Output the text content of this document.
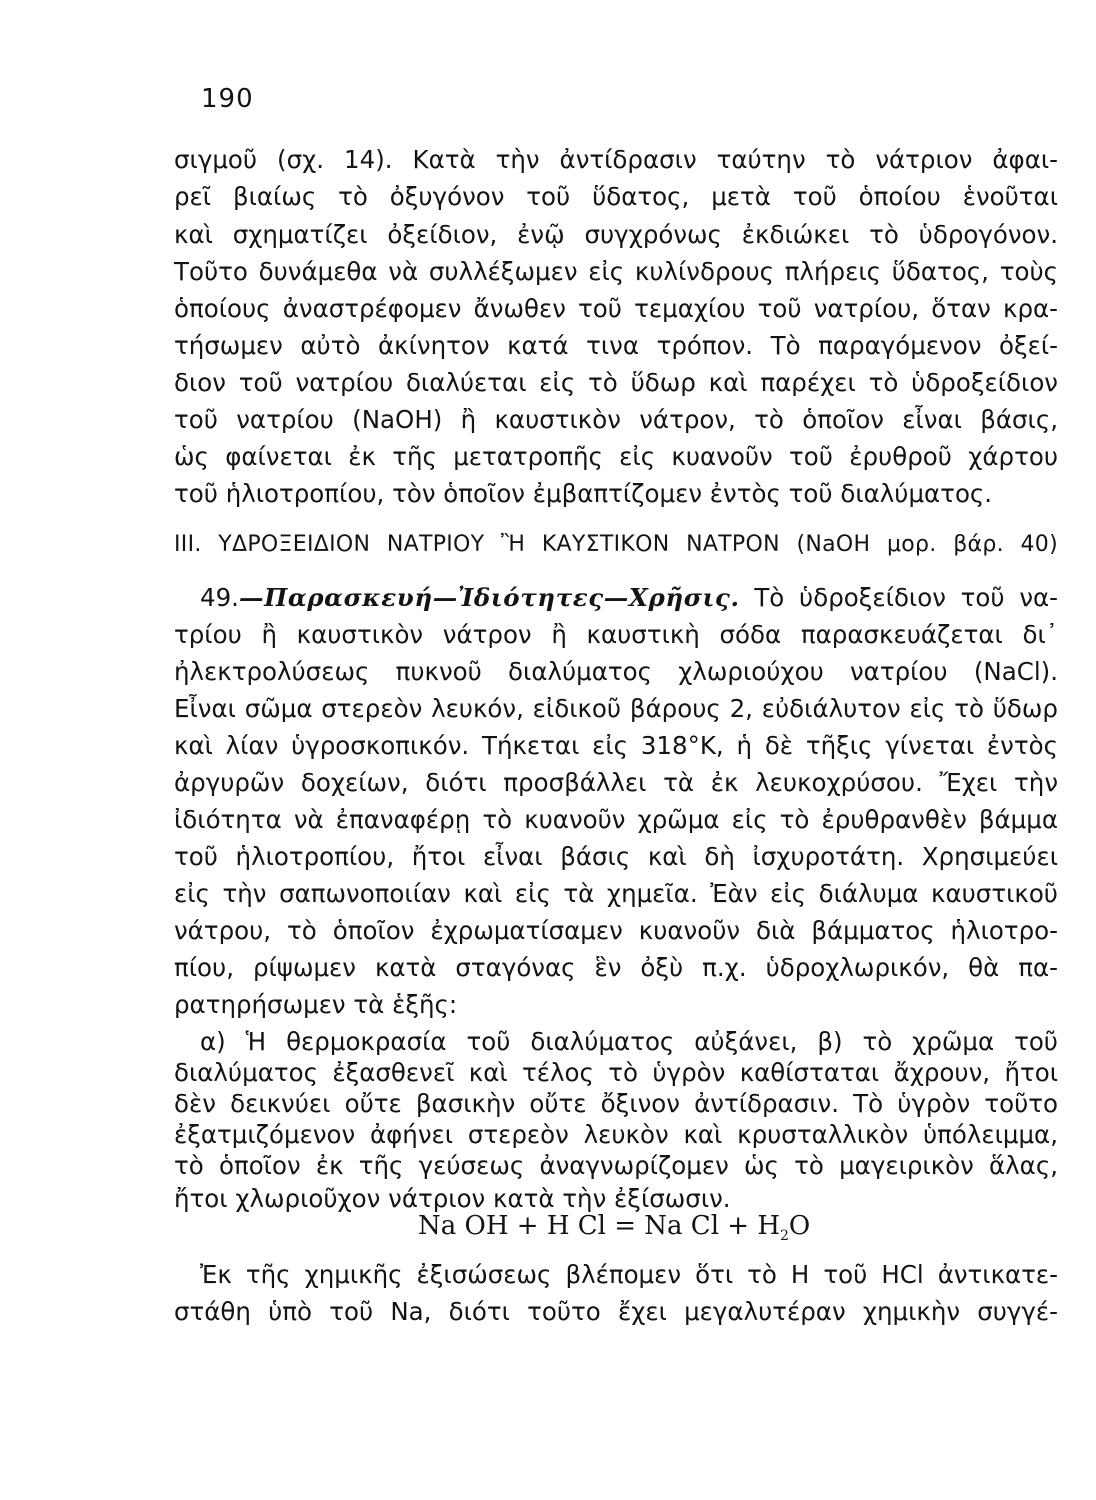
190
σιγμοῦ (σχ. 14). Κατὰ τὴν ἀντίδρασιν ταύτην τὸ νάτριον ἀφαι-
ρεῖ βιαίως τὸ ὀξυγόνον τοῦ ὕδατος, μετὰ τοῦ ὁποίου ἑνοῦται
καὶ σχηματίζει ὀξείδιον, ἐνῷ συγχρόνως ἐκδιώκει τὸ ὑδρογόνον.
Τοῦτο δυνάμεθα νὰ συλλέξωμεν εἰς κυλίνδρους πλήρεις ὕδατος, τοὺς
ὁποίους ἀναστρέφομεν ἄνωθεν τοῦ τεμαχίου τοῦ νατρίου, ὅταν κρα-
τήσωμεν αὐτὸ ἀκίνητον κατά τινα τρόπον. Τὸ παραγόμενον ὀξεί-
διον τοῦ νατρίου διαλύεται εἰς τὸ ὕδωρ καὶ παρέχει τὸ ὑδροξείδιον
τοῦ νατρίου (NaOH) ἢ καυστικὸν νάτρον, τὸ ὁποῖον εἶναι βάσις,
ὡς φαίνεται ἐκ τῆς μετατροπῆς εἰς κυανοῦν τοῦ ἐρυθροῦ χάρτου
τοῦ ἡλιοτροπίου, τὸν ὁποῖον ἐμβαπτίζομεν ἐντὸς τοῦ διαλύματος.
III. ΥΔΡΟΞΕΙΔΙΟΝ ΝΑΤΡΙΟΥ Ἢ ΚΑΥΣΤΙΚΟΝ ΝΑΤΡΟΝ (NaOH μορ. βάρ. 40)
49.—Παρασκευή—Ἰδιότητες—Χρῆσις. Τὸ ὑδροξείδιον τοῦ να-
τρίου ἢ καυστικὸν νάτρον ἢ καυστικὴ σόδα παρασκευάζεται δι᾽
ἠλεκτρολύσεως πυκνοῦ διαλύματος χλωριούχου νατρίου (NaCl).
Εἶναι σῶμα στερεὸν λευκόν, εἰδικοῦ βάρους 2, εὐδιάλυτον εἰς τὸ ὕδωρ
καὶ λίαν ὑγροσκοπικόν. Τήκεται εἰς 318°K, ἡ δὲ τῆξις γίνεται ἐντὸς
ἀργυρῶν δοχείων, διότι προσβάλλει τὰ ἐκ λευκοχρύσου. Ἔχει τὴν
ἰδιότητα νὰ ἐπαναφέρῃ τὸ κυανοῦν χρῶμα εἰς τὸ ἐρυθρανθὲν βάμμα
τοῦ ἡλιοτροπίου, ἤτοι εἶναι βάσις καὶ δὴ ἰσχυροτάτη. Χρησιμεύει
εἰς τὴν σαπωνοποιίαν καὶ εἰς τὰ χημεῖα. Ἐὰν εἰς διάλυμα καυστικοῦ
νάτρου, τὸ ὁποῖον ἐχρωματίσαμεν κυανοῦν διὰ βάμματος ἡλιοτρο-
πίου, ρίψωμεν κατὰ σταγόνας ἓν ὀξὺ π.χ. ὑδροχλωρικόν, θὰ πα-
ρατηρήσωμεν τὰ ἑξῆς:
α) Ἡ θερμοκρασία τοῦ διαλύματος αὐξάνει, β) τὸ χρῶμα τοῦ
διαλύματος ἐξασθενεῖ καὶ τέλος τὸ ὑγρὸν καθίσταται ἄχρουν, ἤτοι
δὲν δεικνύει οὔτε βασικὴν οὔτε ὄξινον ἀντίδρασιν. Τὸ ὑγρὸν τοῦτο
ἐξατμιζόμενον ἀφήνει στερεὸν λευκὸν καὶ κρυσταλλικὸν ὑπόλειμμα,
τὸ ὁποῖον ἐκ τῆς γεύσεως ἀναγνωρίζομεν ὡς τὸ μαγειρικὸν ἅλας,
Na OH + H Cl = Na $Cl + H_2O$
Ἐκ τῆς χημικῆς ἐξισώσεως βλέπομεν ὅτι τὸ H τοῦ HCl ἀντικατε-
στάθη ὑπὸ τοῦ Na, διότι τοῦτο ἔχει μεγαλυτέραν χημικὴν συγγέ-
ἤτοι χλωριοῦχον νάτριον κατὰ τὴν ἐξίσωσιν.
